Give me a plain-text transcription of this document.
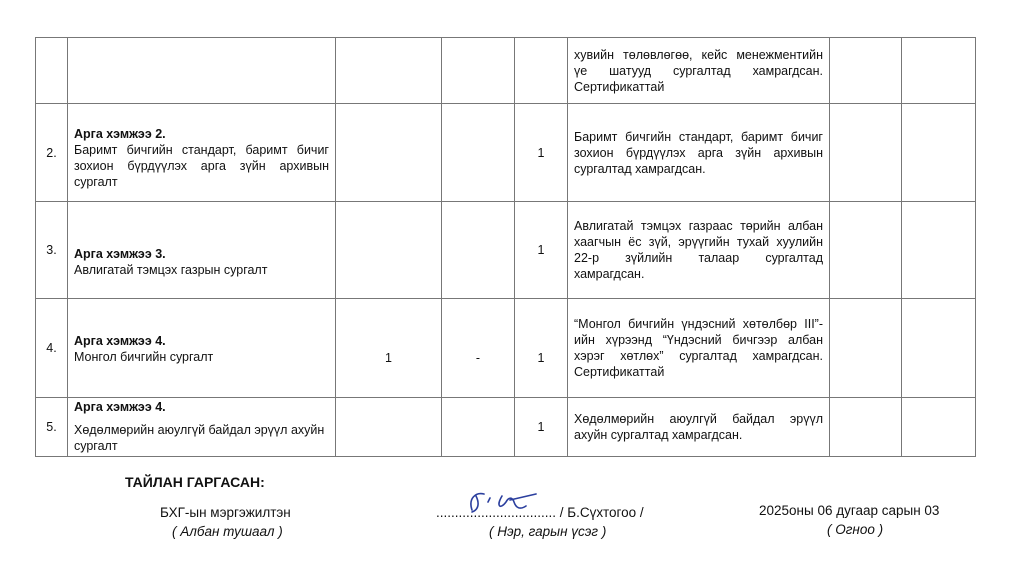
					хувийн төлөвлөгөө, кейс менежментийн үе шатууд сургалтад хамрагдсан. Сертификаттай		
2.	Арга хэмжээ 2.
Баримт бичгийн стандарт, баримт бичиг зохион бүрдүүлэх арга зүйн архивын сургалт			1	Баримт бичгийн стандарт, баримт бичиг зохион бүрдүүлэх арга зүйн архивын сургалтад хамрагдсан.		
3.	Арга хэмжээ 3.
Авлигатай тэмцэх газрын сургалт			1	Авлигатай тэмцэх газраас төрийн албан хаагчын ёс зүй, эрүүгийн тухай хуулийн 22-р зүйлийн талаар сургалтад хамрагдсан.		
4.	Арга хэмжээ 4.
Монгол бичгийн сургалт	1	-	1	“Монгол бичгийн үндэсний хөтөлбөр III”-ийн хүрээнд “Үндэсний бичгээр албан хэрэг хөтлөх” сургалтад хамрагдсан. Сертификаттай		
5.	Арга хэмжээ 4.
Хөдөлмөрийн аюулгүй байдал эрүүл ахуйн сургалт			1	Хөдөлмөрийн аюулгүй байдал эрүүл ахуйн сургалтад хамрагдсан.		
ТАЙЛАН ГАРГАСАН:
БХГ-ын мэргэжилтэн
( Албан тушаал )
................................ / Б.Сүхтогоо /
( Нэр, гарын үсэг )
2025оны 06 дугаар сарын 03
( Огноо )
